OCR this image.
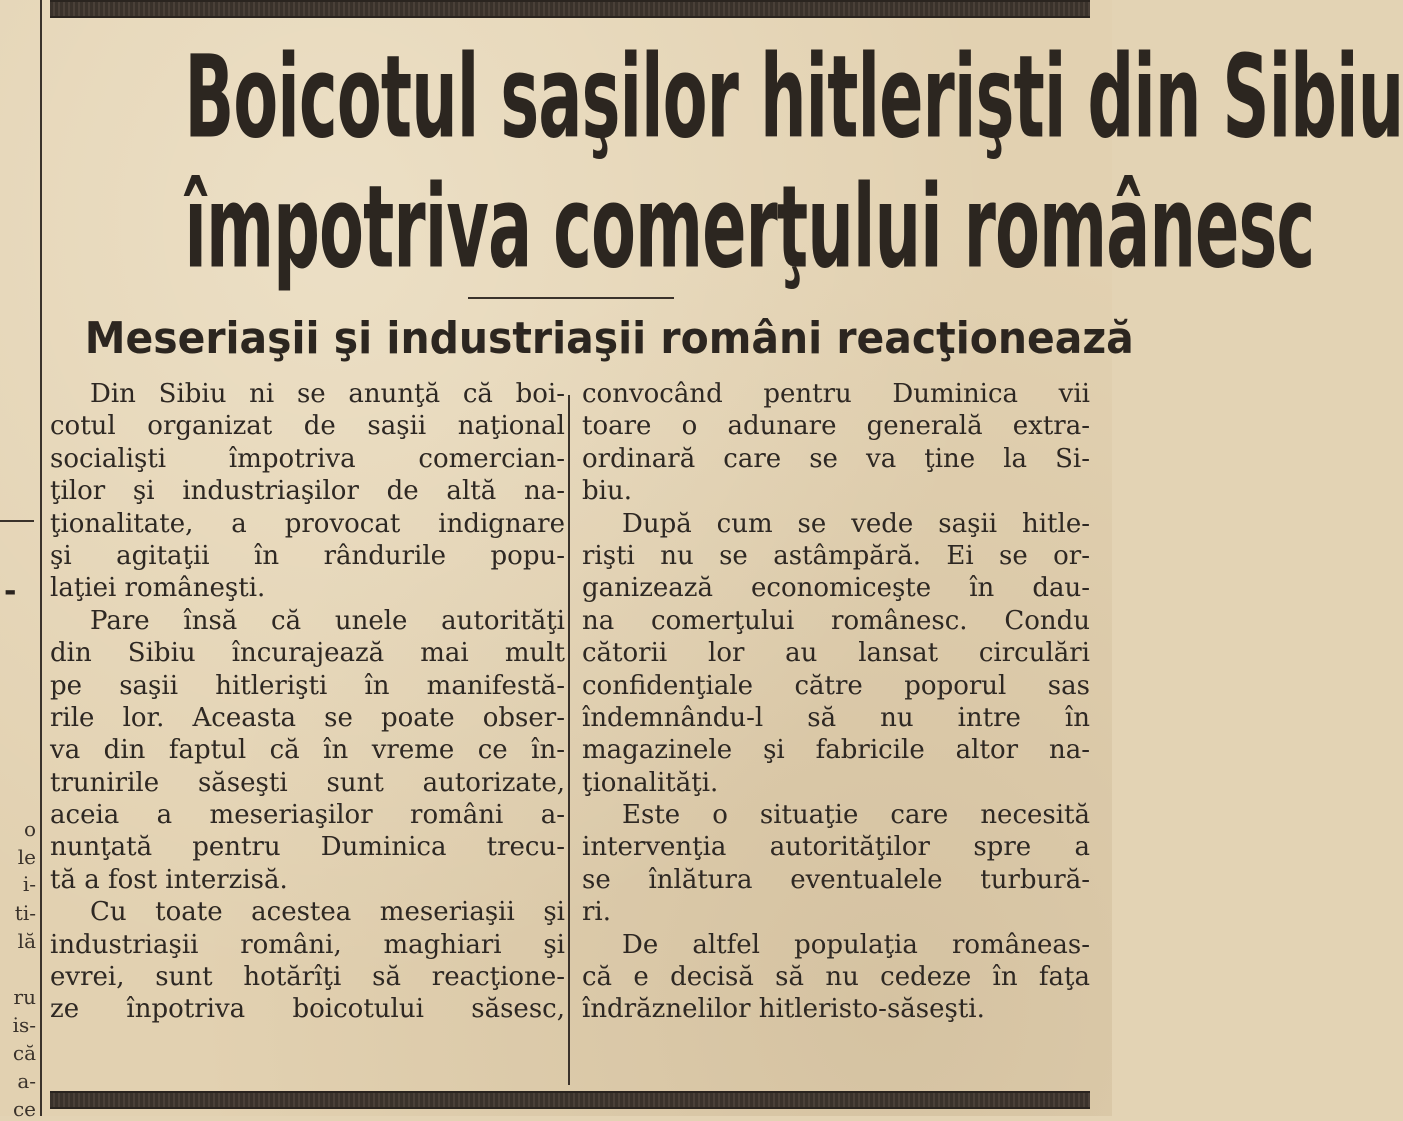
o
le
i-
ti-
lă
ru
is-
că
a-
ce
-
Boicotul saşilor hitlerişti din Sibiu
împotriva comerţului românesc
Meseriaşii şi industriaşii români reacţionează
Din Sibiu ni se anunţă că boi-
cotul organizat de saşii naţional
socialişti împotriva comercian-
ţilor şi industriaşilor de altă na-
ţionalitate, a provocat indignare
şi agitaţii în rândurile popu-
laţiei româneşti.
Pare însă că unele autorităţi
din Sibiu încurajează mai mult
pe saşii hitlerişti în manifestă-
rile lor. Aceasta se poate obser-
va din faptul că în vreme ce în-
trunirile săseşti sunt autorizate,
aceia a meseriaşilor români a-
nunţată pentru Duminica trecu-
tă a fost interzisă.
Cu toate acestea meseriaşii şi
industriaşii români, maghiari şi
evrei, sunt hotărîţi să reacţione-
ze înpotriva boicotului săsesc,
convocând pentru Duminica vii
toare o adunare generală extra-
ordinară care se va ţine la Si-
biu.
După cum se vede saşii hitle-
rişti nu se astâmpără. Ei se or-
ganizează economiceşte în dau-
na comerţului românesc. Condu
cătorii lor au lansat circulări
confidenţiale către poporul sas
îndemnându-l să nu intre în
magazinele şi fabricile altor na-
ţionalităţi.
Este o situaţie care necesită
intervenţia autorităţilor spre a
se înlătura eventualele turbură-
ri.
De altfel populaţia româneas-
că e decisă să nu cedeze în faţa
îndrăznelilor hitleristo-săseşti.
